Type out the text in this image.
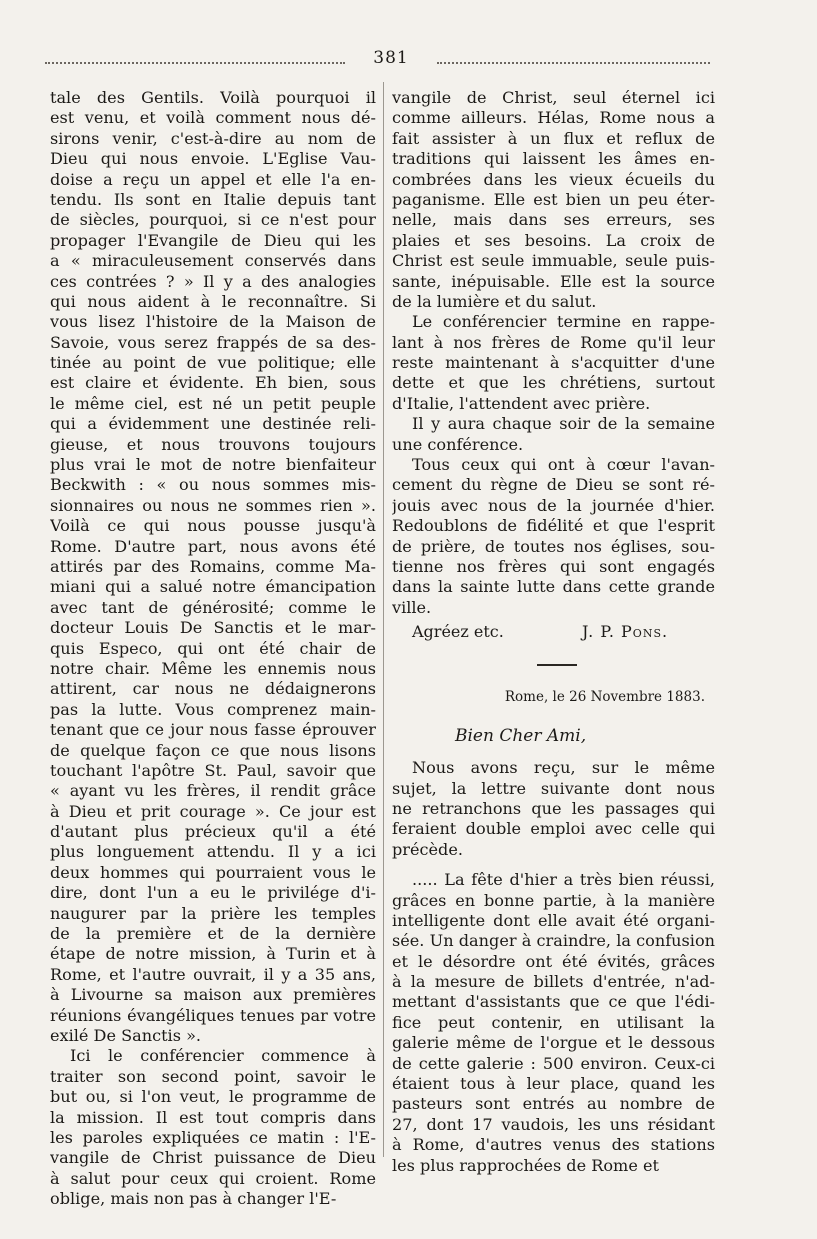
381
tale des Gentils. Voilà pourquoi il
est venu, et voilà comment nous dé-
sirons venir, c'est-à-dire au nom de
Dieu qui nous envoie. L'Eglise Vau-
doise a reçu un appel et elle l'a en-
tendu. Ils sont en Italie depuis tant
de siècles, pourquoi, si ce n'est pour
propager l'Evangile de Dieu qui les
a « miraculeusement conservés dans
ces contrées ? » Il y a des analogies
qui nous aident à le reconnaître. Si
vous lisez l'histoire de la Maison de
Savoie, vous serez frappés de sa des-
tinée au point de vue politique; elle
est claire et évidente. Eh bien, sous
le même ciel, est né un petit peuple
qui a évidemment une destinée reli-
gieuse, et nous trouvons toujours
plus vrai le mot de notre bienfaiteur
Beckwith : « ou nous sommes mis-
sionnaires ou nous ne sommes rien ».
Voilà ce qui nous pousse jusqu'à
Rome. D'autre part, nous avons été
attirés par des Romains, comme Ma-
miani qui a salué notre émancipation
avec tant de générosité; comme le
docteur Louis De Sanctis et le mar-
quis Especo, qui ont été chair de
notre chair. Même les ennemis nous
attirent, car nous ne dédaignerons
pas la lutte. Vous comprenez main-
tenant que ce jour nous fasse éprouver
de quelque façon ce que nous lisons
touchant l'apôtre St. Paul, savoir que
« ayant vu les frères, il rendit grâce
à Dieu et prit courage ». Ce jour est
d'autant plus précieux qu'il a été
plus longuement attendu. Il y a ici
deux hommes qui pourraient vous le
dire, dont l'un a eu le privilége d'i-
naugurer par la prière les temples
de la première et de la dernière
étape de notre mission, à Turin et à
Rome, et l'autre ouvrait, il y a 35 ans,
à Livourne sa maison aux premières
réunions évangéliques tenues par votre
exilé De Sanctis ».
Ici le conférencier commence à
traiter son second point, savoir le
but ou, si l'on veut, le programme de
la mission. Il est tout compris dans
les paroles expliquées ce matin : l'E-
vangile de Christ puissance de Dieu
à salut pour ceux qui croient. Rome
oblige, mais non pas à changer l'E-
vangile de Christ, seul éternel ici
comme ailleurs. Hélas, Rome nous a
fait assister à un flux et reflux de
traditions qui laissent les âmes en-
combrées dans les vieux écueils du
paganisme. Elle est bien un peu éter-
nelle, mais dans ses erreurs, ses
plaies et ses besoins. La croix de
Christ est seule immuable, seule puis-
sante, inépuisable. Elle est la source
de la lumière et du salut.
Le conférencier termine en rappe-
lant à nos frères de Rome qu'il leur
reste maintenant à s'acquitter d'une
dette et que les chrétiens, surtout
d'Italie, l'attendent avec prière.
Il y aura chaque soir de la semaine
une conférence.
Tous ceux qui ont à cœur l'avan-
cement du règne de Dieu se sont ré-
jouis avec nous de la journée d'hier.
Redoublons de fidélité et que l'esprit
de prière, de toutes nos églises, sou-
tienne nos frères qui sont engagés
dans la sainte lutte dans cette grande
ville.
Agréez etc.	J. P. Pons.
Rome, le 26 Novembre 1883.
Bien Cher Ami,
Nous avons reçu, sur le même
sujet, la lettre suivante dont nous
ne retranchons que les passages qui
feraient double emploi avec celle qui
précède.
..... La fête d'hier a très bien réussi,
grâces en bonne partie, à la manière
intelligente dont elle avait été organi-
sée. Un danger à craindre, la confusion
et le désordre ont été évités, grâces
à la mesure de billets d'entrée, n'ad-
mettant d'assistants que ce que l'édi-
fice peut contenir, en utilisant la
galerie même de l'orgue et le dessous
de cette galerie : 500 environ. Ceux-ci
étaient tous à leur place, quand les
pasteurs sont entrés au nombre de
27, dont 17 vaudois, les uns résidant
à Rome, d'autres venus des stations
les plus rapprochées de Rome et
